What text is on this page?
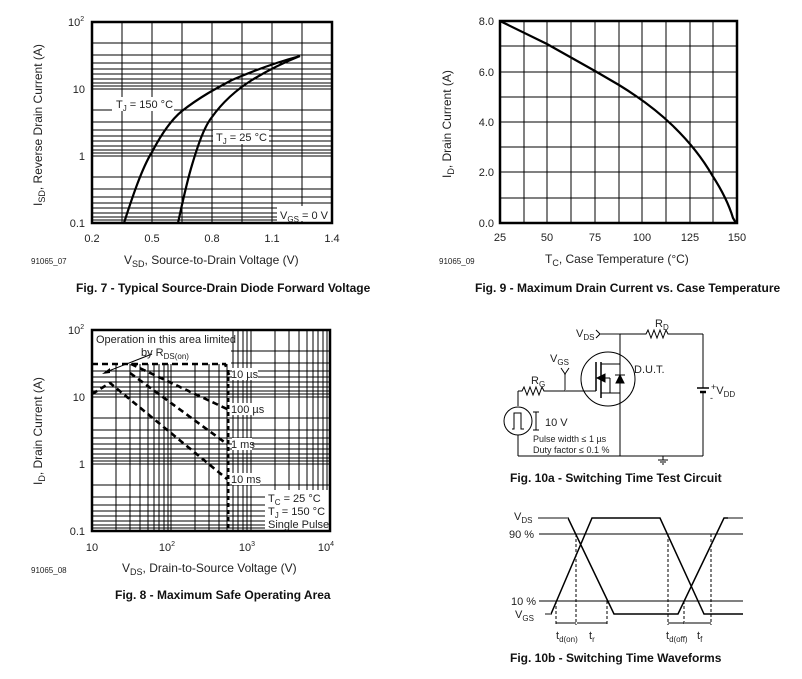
$T_J = 150$ °C
$T_J = 25$ °C
$V_{GS} = 0$ V
$10^2$
10
1
0.1
0.2	0.5	0.8	1.1	1.4
$I_{SD}$, Reverse Drain Current (A)
$V_{SD}$, Source-to-Drain Voltage (V)
91065_07
Fig. 7 - Typical Source-Drain Diode Forward Voltage
8.0
6.0
4.0
2.0
0.0
25	50	75	100	125	150
$I_D$, Drain Current (A)
$T_C$, Case Temperature (°C)
91065_09
Fig. 9 - Maximum Drain Current vs. Case Temperature
Operation in this area limited
by $R_{DS(on)}$
10 µs
100 µs
1 ms
10 ms
$T_C = 25$ °C
$T_J = 150$ °C
Single Pulse
$10^2$
10
1
0.1
10	$10^2$	$10^3$	$10^4$
$I_D$, Drain Current (A)
$V_{DS}$, Drain-to-Source Voltage (V)
91065_08
Fig. 8 - Maximum Safe Operating Area
$V_{DS}$
$R_D$
$V_{GS}$
$R_G$
D.U.T.
$^+V_{DD}$
-
10 V
Pulse width ≤ 1 µs
Duty factor ≤ 0.1 %
Fig. 10a - Switching Time Test Circuit
$V_{DS}$
90 %
10 %
$V_{GS}$
$t_{d(on)}$ $t_r$	$t_{d(off)}$ $t_f$
Fig. 10b - Switching Time Waveforms
